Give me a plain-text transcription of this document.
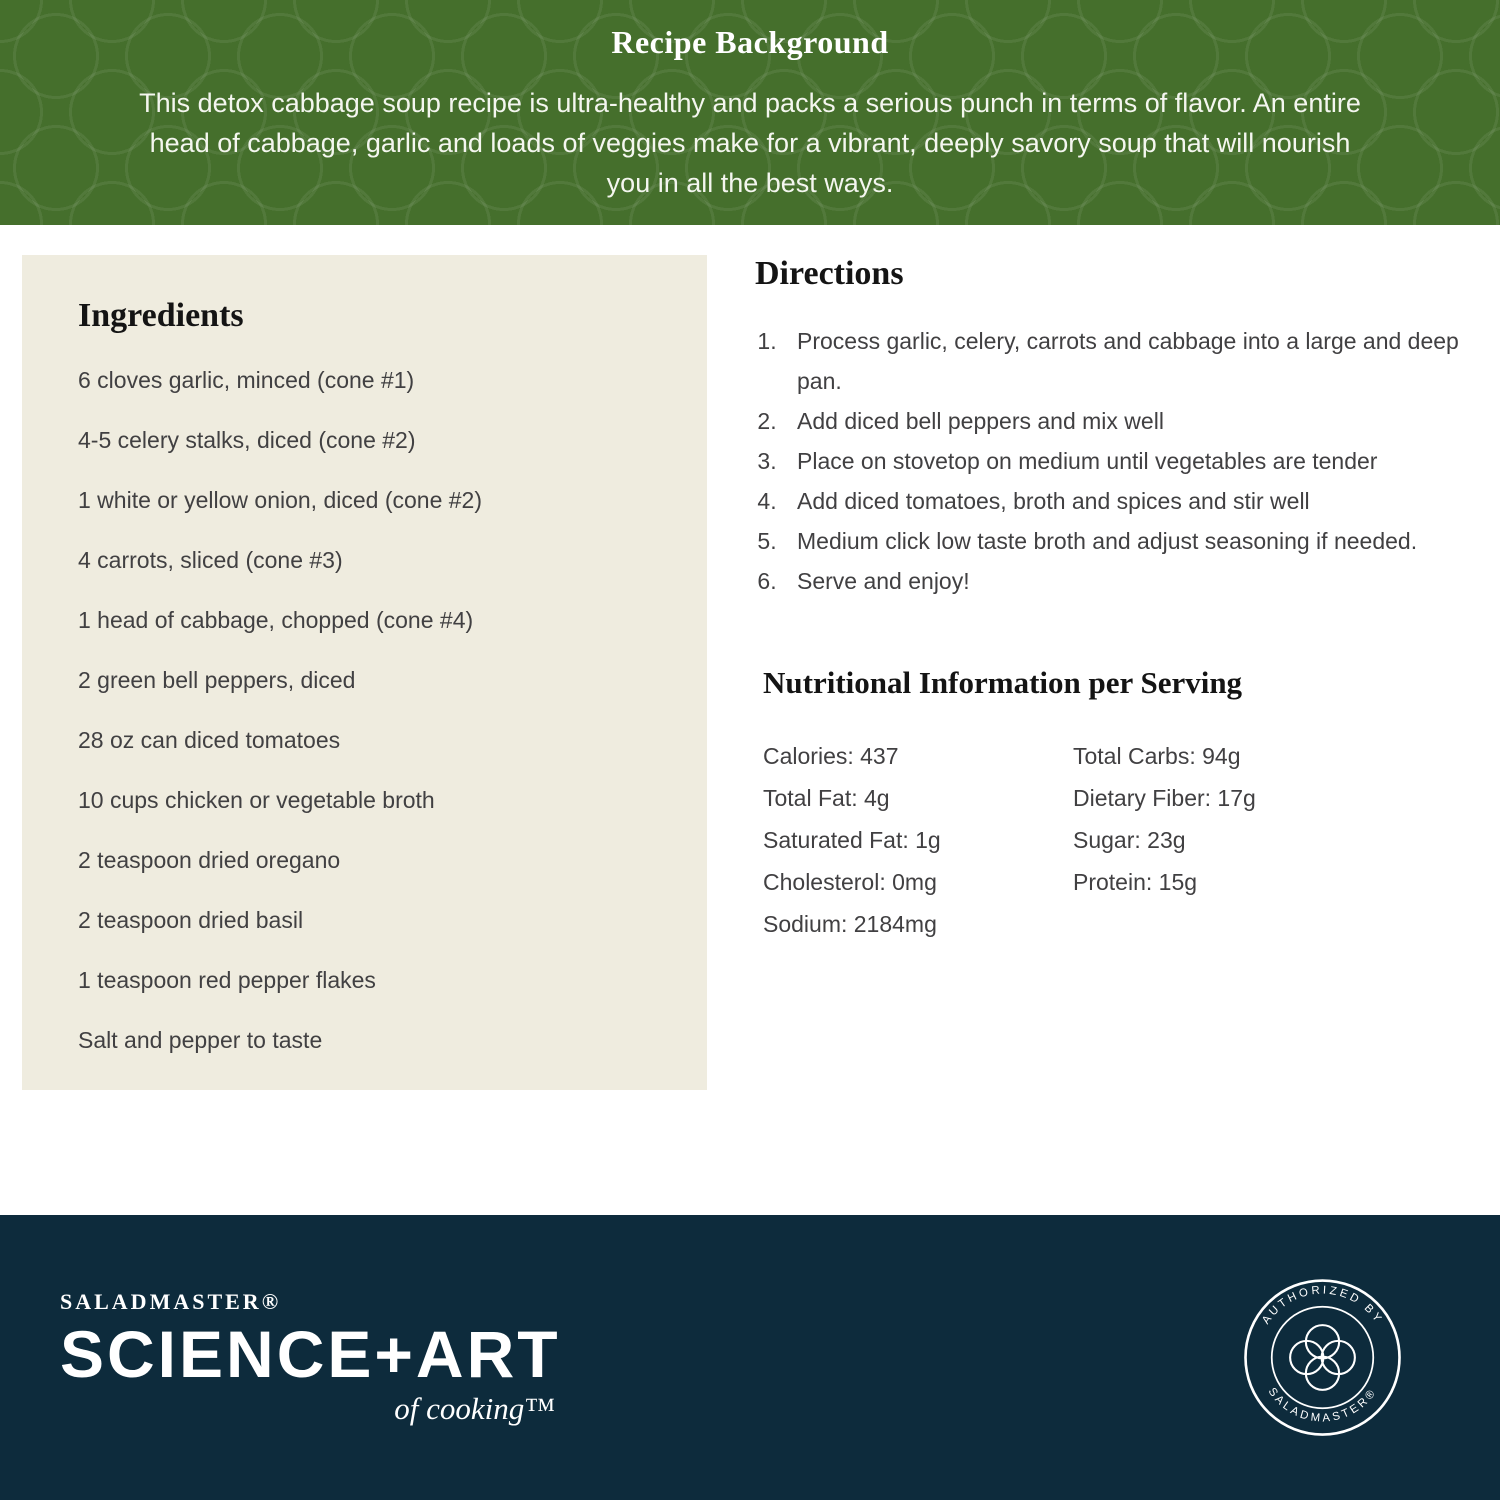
Recipe Background

This detox cabbage soup recipe is ultra-healthy and packs a serious punch in terms of flavor. An entire head of cabbage, garlic and loads of veggies make for a vibrant, deeply savory soup that will nourish you in all the best ways.

Ingredients
6 cloves garlic, minced (cone #1)
4-5 celery stalks, diced (cone #2)
1 white or yellow onion, diced (cone #2)
4 carrots, sliced (cone #3)
1 head of cabbage, chopped (cone #4)
2 green bell peppers, diced
28 oz can diced tomatoes
10 cups chicken or vegetable broth
2 teaspoon dried oregano
2 teaspoon dried basil
1 teaspoon red pepper flakes
Salt and pepper to taste
Directions
1. Process garlic, celery, carrots and cabbage into a large and deep pan.
2. Add diced bell peppers and mix well
3. Place on stovetop on medium until vegetables are tender
4. Add diced tomatoes, broth and spices and stir well
5. Medium click low taste broth and adjust seasoning if needed.
6. Serve and enjoy!
Nutritional Information per Serving
Calories: 437
Total Fat: 4g
Saturated Fat: 1g
Cholesterol: 0mg
Sodium: 2184mg
Total Carbs: 94g
Dietary Fiber: 17g
Sugar: 23g
Protein: 15g
SALADMASTER®
SCIENCE+ART
of cooking™
AUTHORIZED BY
SALADMASTER®
